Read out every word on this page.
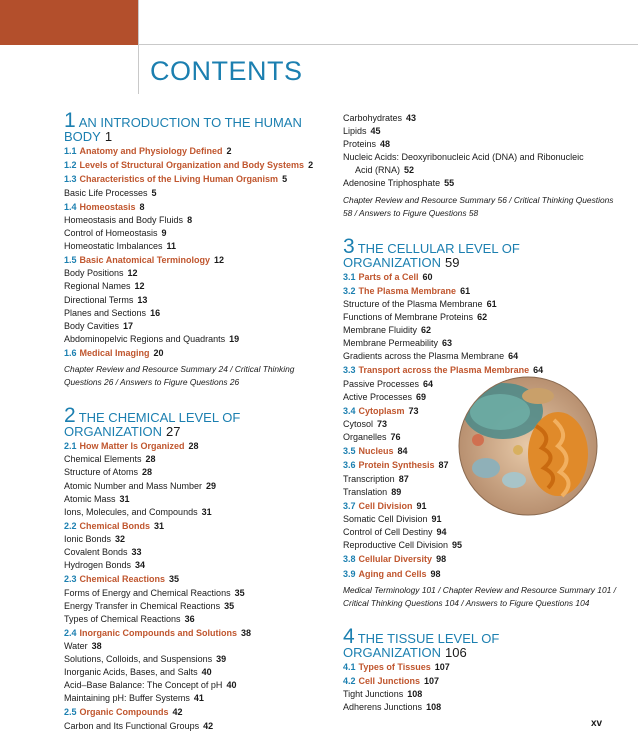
CONTENTS
1 AN INTRODUCTION TO THE HUMAN BODY 1
1.1 Anatomy and Physiology Defined 2
1.2 Levels of Structural Organization and Body Systems 2
1.3 Characteristics of the Living Human Organism 5
Basic Life Processes 5
1.4 Homeostasis 8
Homeostasis and Body Fluids 8
Control of Homeostasis 9
Homeostatic Imbalances 11
1.5 Basic Anatomical Terminology 12
Body Positions 12
Regional Names 12
Directional Terms 13
Planes and Sections 16
Body Cavities 17
Abdominopelvic Regions and Quadrants 19
1.6 Medical Imaging 20
Chapter Review and Resource Summary 24 / Critical Thinking Questions 26 / Answers to Figure Questions 26
2 THE CHEMICAL LEVEL OF ORGANIZATION 27
2.1 How Matter Is Organized 28
Chemical Elements 28
Structure of Atoms 28
Atomic Number and Mass Number 29
Atomic Mass 31
Ions, Molecules, and Compounds 31
2.2 Chemical Bonds 31
Ionic Bonds 32
Covalent Bonds 33
Hydrogen Bonds 34
2.3 Chemical Reactions 35
Forms of Energy and Chemical Reactions 35
Energy Transfer in Chemical Reactions 35
Types of Chemical Reactions 36
2.4 Inorganic Compounds and Solutions 38
Water 38
Solutions, Colloids, and Suspensions 39
Inorganic Acids, Bases, and Salts 40
Acid–Base Balance: The Concept of pH 40
Maintaining pH: Buffer Systems 41
2.5 Organic Compounds 42
Carbon and Its Functional Groups 42
Carbohydrates 43
Lipids 45
Proteins 48
Nucleic Acids: Deoxyribonucleic Acid (DNA) and Ribonucleic
Acid (RNA) 52
Adenosine Triphosphate 55
Chapter Review and Resource Summary 56 / Critical Thinking Questions 58 / Answers to Figure Questions 58
3 THE CELLULAR LEVEL OF ORGANIZATION 59
3.1 Parts of a Cell 60
3.2 The Plasma Membrane 61
Structure of the Plasma Membrane 61
Functions of Membrane Proteins 62
Membrane Fluidity 62
Membrane Permeability 63
Gradients across the Plasma Membrane 64
3.3 Transport across the Plasma Membrane 64
Passive Processes 64
Active Processes 69
3.4 Cytoplasm 73
Cytosol 73
Organelles 76
3.5 Nucleus 84
3.6 Protein Synthesis 87
Transcription 87
Translation 89
3.7 Cell Division 91
Somatic Cell Division 91
Control of Cell Destiny 94
Reproductive Cell Division 95
3.8 Cellular Diversity 98
3.9 Aging and Cells 98
Medical Terminology 101 / Chapter Review and Resource Summary 101 / Critical Thinking Questions 104 / Answers to Figure Questions 104
4 THE TISSUE LEVEL OF ORGANIZATION 106
4.1 Types of Tissues 107
4.2 Cell Junctions 107
Tight Junctions 108
Adherens Junctions 108
xv
